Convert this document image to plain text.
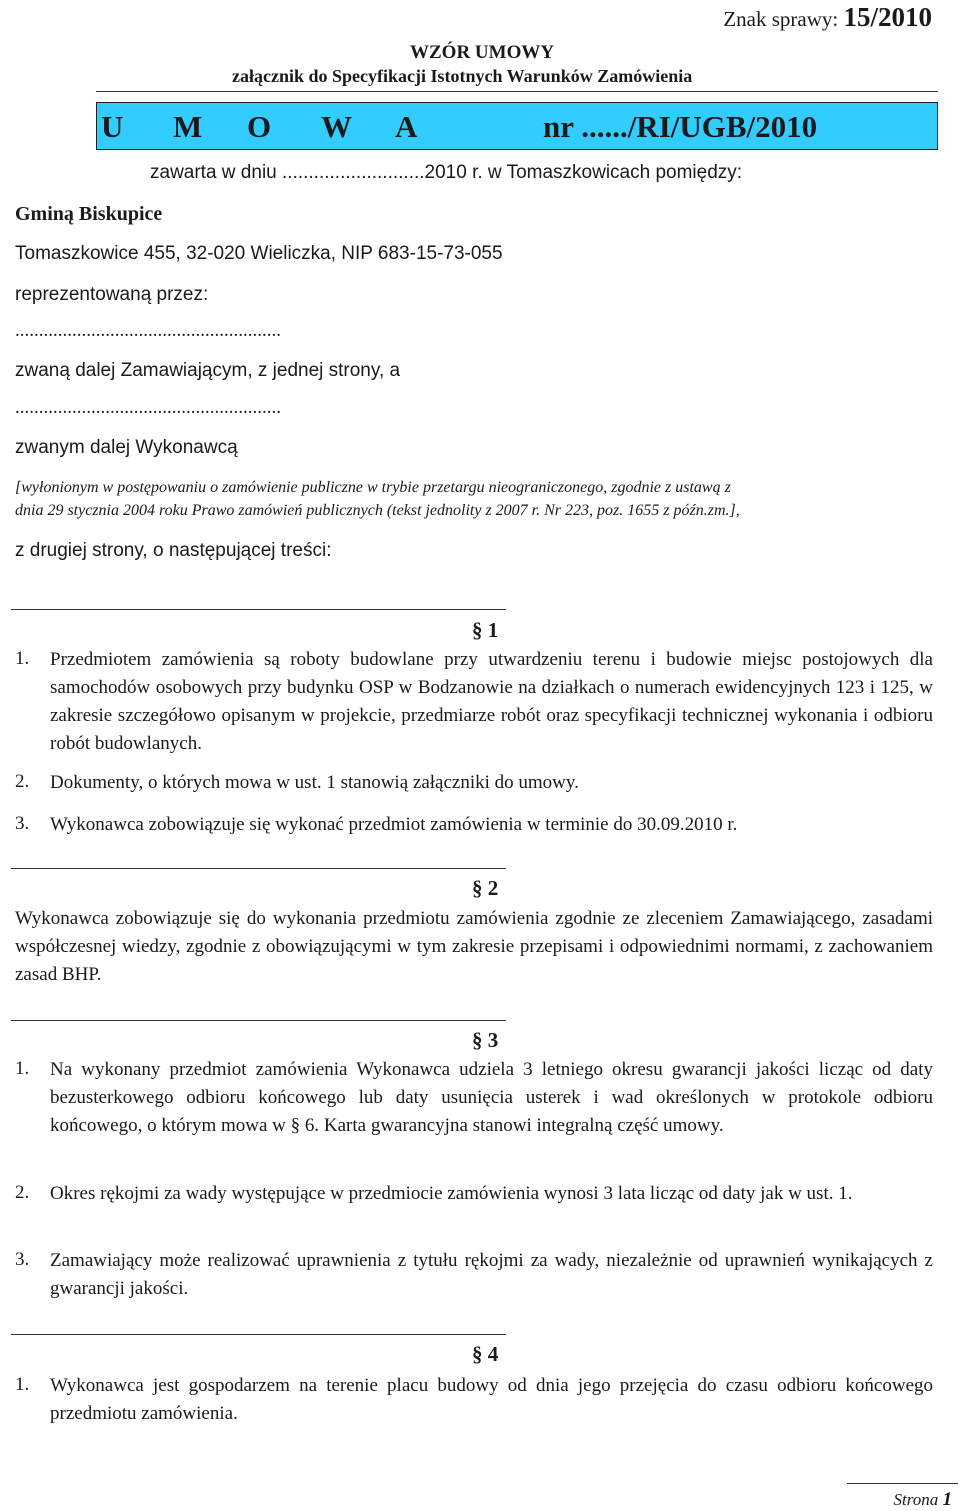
Znak sprawy: 15/2010
WZÓR UMOWY
załącznik do Specyfikacji Istotnych Warunków Zamówienia
U M O W A	nr ....../RI/UGB/2010
zawarta w dniu ...........................2010 r. w Tomaszkowicach pomiędzy:
Gminą Biskupice
Tomaszkowice 455, 32-020 Wieliczka, NIP 683-15-73-055
reprezentowaną przez:
........................................................
zwaną dalej Zamawiającym, z jednej strony, a
........................................................
zwanym dalej Wykonawcą
[wyłonionym w postępowaniu o zamówienie publiczne w trybie przetargu nieograniczonego, zgodnie z ustawą z
dnia 29 stycznia 2004 roku Prawo zamówień publicznych (tekst jednolity z 2007 r. Nr 223, poz. 1655 z późn.zm.],
z drugiej strony, o następującej treści:
§ 1
1. Przedmiotem zamówienia są roboty budowlane przy utwardzeniu terenu i budowie miejsc postojowych dla samochodów osobowych przy budynku OSP w Bodzanowie na działkach o numerach ewidencyjnych 123 i 125, w zakresie szczegółowo opisanym w projekcie, przedmiarze robót oraz specyfikacji technicznej wykonania i odbioru robót budowlanych.
2. Dokumenty, o których mowa w ust. 1 stanowią załączniki do umowy.
3. Wykonawca zobowiązuje się wykonać przedmiot zamówienia w terminie do 30.09.2010 r.
§ 2
Wykonawca zobowiązuje się do wykonania przedmiotu zamówienia zgodnie ze zleceniem Zamawiającego, zasadami współczesnej wiedzy, zgodnie z obowiązującymi w tym zakresie przepisami i odpowiednimi normami, z zachowaniem zasad BHP.
§ 3
1. Na wykonany przedmiot zamówienia Wykonawca udziela 3 letniego okresu gwarancji jakości licząc od daty bezusterkowego odbioru końcowego lub daty usunięcia usterek i wad określonych w protokole odbioru końcowego, o którym mowa w § 6. Karta gwarancyjna stanowi integralną część umowy.
2. Okres rękojmi za wady występujące w przedmiocie zamówienia wynosi 3 lata licząc od daty jak w ust. 1.
3. Zamawiający może realizować uprawnienia z tytułu rękojmi za wady, niezależnie od uprawnień wynikających z gwarancji jakości.
§ 4
1. Wykonawca jest gospodarzem na terenie placu budowy od dnia jego przejęcia do czasu odbioru końcowego przedmiotu zamówienia.
Strona 1
